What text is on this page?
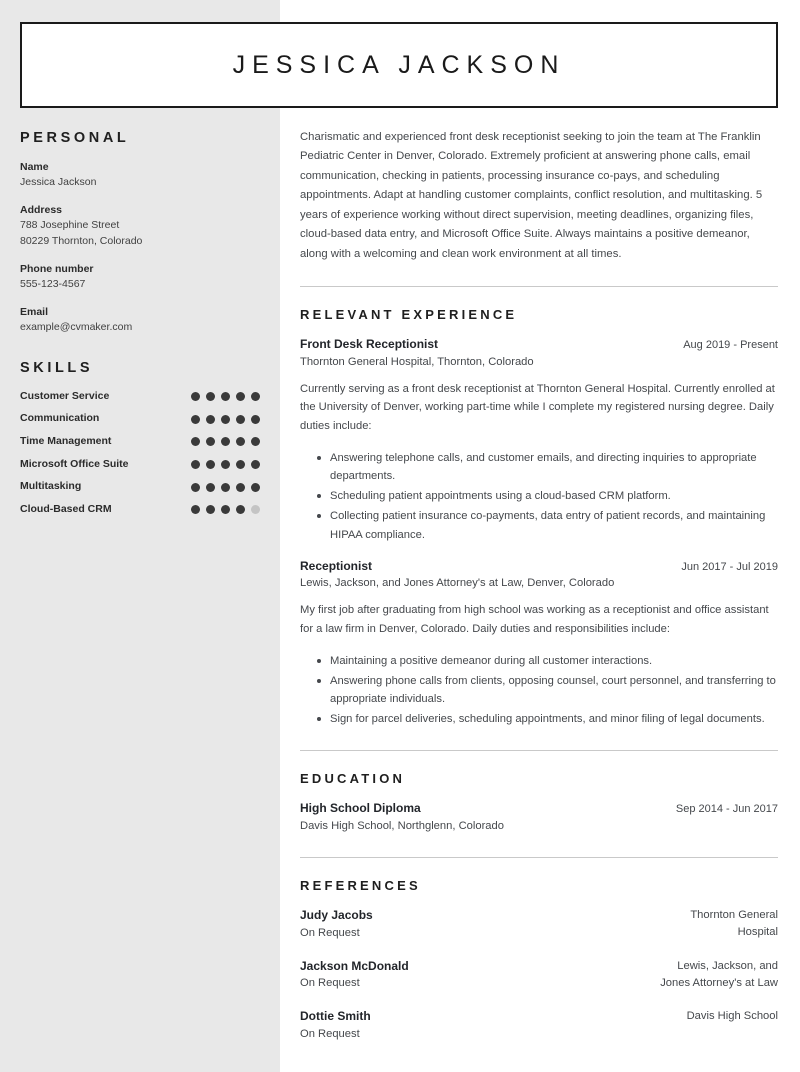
JESSICA JACKSON
PERSONAL
Name
Jessica Jackson
Address
788 Josephine Street
80229 Thornton, Colorado
Phone number
555-123-4567
Email
example@cvmaker.com
SKILLS
Customer Service
Communication
Time Management
Microsoft Office Suite
Multitasking
Cloud-Based CRM

Charismatic and experienced front desk receptionist seeking to join the team at The Franklin Pediatric Center in Denver, Colorado. Extremely proficient at answering phone calls, email communication, checking in patients, processing insurance co-pays, and scheduling appointments. Adapt at handling customer complaints, conflict resolution, and multitasking. 5 years of experience working without direct supervision, meeting deadlines, organizing files, cloud-based data entry, and Microsoft Office Suite. Always maintains a positive demeanor, along with a welcoming and clean work environment at all times.

RELEVANT EXPERIENCE
Front Desk Receptionist	Aug 2019 - Present
Thornton General Hospital, Thornton, Colorado

Currently serving as a front desk receptionist at Thornton General Hospital. Currently enrolled at the University of Denver, working part-time while I complete my registered nursing degree. Daily duties include:

Answering telephone calls, and customer emails, and directing inquiries to appropriate departments.
Scheduling patient appointments using a cloud-based CRM platform.
Collecting patient insurance co-payments, data entry of patient records, and maintaining HIPAA compliance.
Receptionist	Jun 2017 - Jul 2019
Lewis, Jackson, and Jones Attorney's at Law, Denver, Colorado

My first job after graduating from high school was working as a receptionist and office assistant for a law firm in Denver, Colorado. Daily duties and responsibilities include:

Maintaining a positive demeanor during all customer interactions.
Answering phone calls from clients, opposing counsel, court personnel, and transferring to appropriate individuals.
Sign for parcel deliveries, scheduling appointments, and minor filing of legal documents.
EDUCATION
High School Diploma	Sep 2014 - Jun 2017
Davis High School, Northglenn, Colorado
REFERENCES
Judy Jacobs
On Request
Thornton General Hospital
Jackson McDonald
On Request
Lewis, Jackson, and Jones Attorney's at Law
Dottie Smith
On Request
Davis High School
